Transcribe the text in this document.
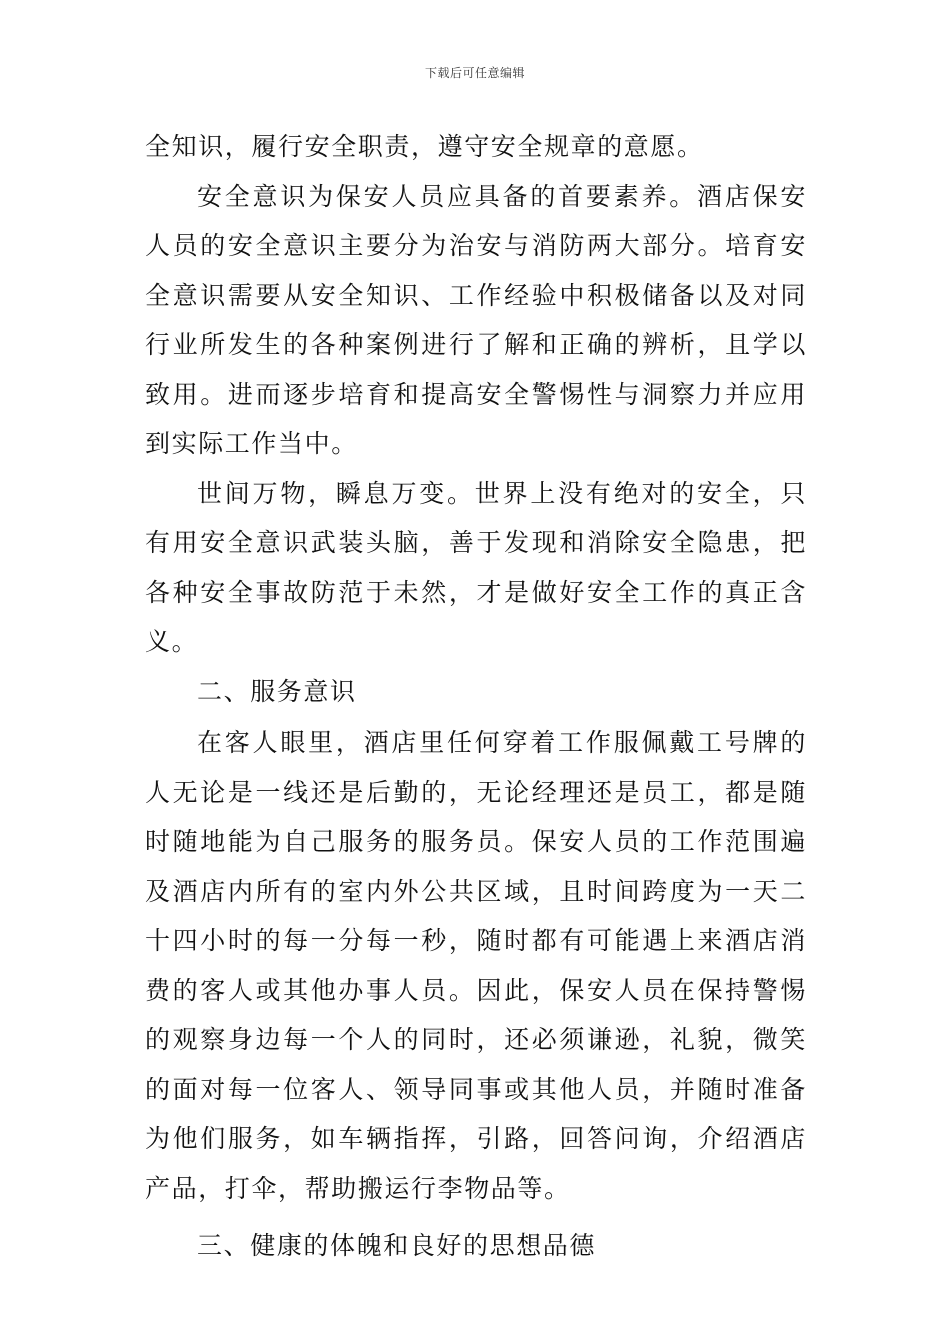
下载后可任意编辑

全知识，履行安全职责，遵守安全规章的意愿。

安全意识为保安人员应具备的首要素养。酒店保安人员的安全意识主要分为治安与消防两大部分。培育安全意识需要从安全知识、工作经验中积极储备以及对同行业所发生的各种案例进行了解和正确的辨析，且学以致用。进而逐步培育和提高安全警惕性与洞察力并应用到实际工作当中。

世间万物，瞬息万变。世界上没有绝对的安全，只有用安全意识武装头脑，善于发现和消除安全隐患，把各种安全事故防范于未然，才是做好安全工作的真正含义。

二、服务意识

在客人眼里，酒店里任何穿着工作服佩戴工号牌的人无论是一线还是后勤的，无论经理还是员工，都是随时随地能为自己服务的服务员。保安人员的工作范围遍及酒店内所有的室内外公共区域，且时间跨度为一天二十四小时的每一分每一秒，随时都有可能遇上来酒店消费的客人或其他办事人员。因此，保安人员在保持警惕的观察身边每一个人的同时，还必须谦逊，礼貌，微笑的面对每一位客人、领导同事或其他人员，并随时准备为他们服务，如车辆指挥，引路，回答问询，介绍酒店产品，打伞，帮助搬运行李物品等。

三、健康的体魄和良好的思想品德
